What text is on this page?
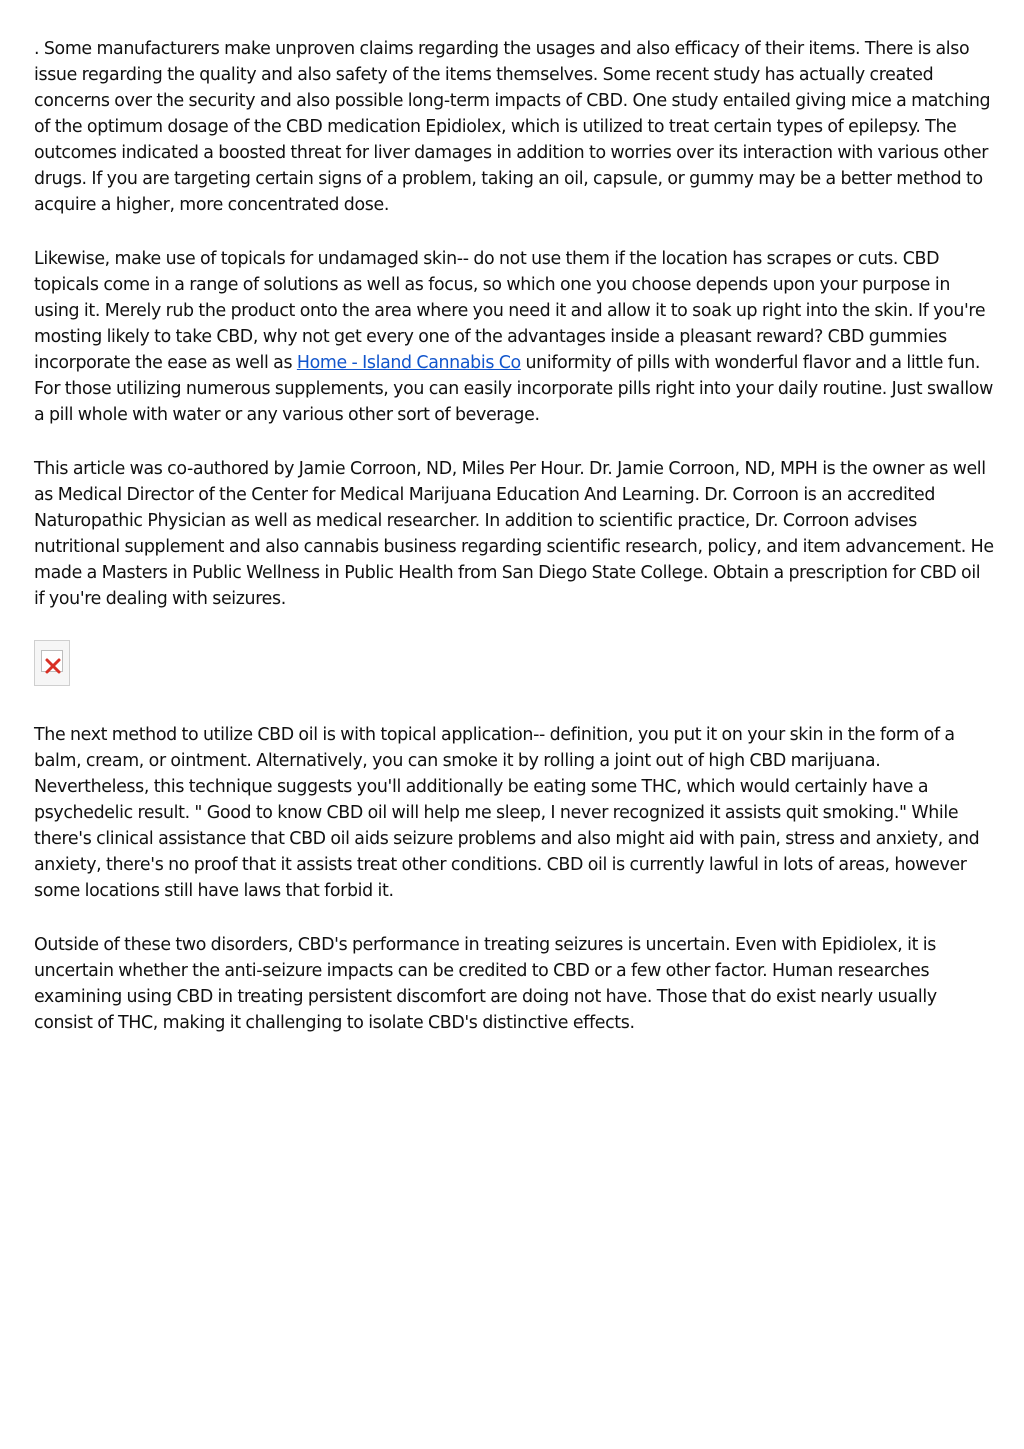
. Some manufacturers make unproven claims regarding the usages and also efficacy of their items. There is also issue regarding the quality and also safety of the items themselves. Some recent study has actually created concerns over the security and also possible long-term impacts of CBD. One study entailed giving mice a matching of the optimum dosage of the CBD medication Epidiolex, which is utilized to treat certain types of epilepsy. The outcomes indicated a boosted threat for liver damages in addition to worries over its interaction with various other drugs. If you are targeting certain signs of a problem, taking an oil, capsule, or gummy may be a better method to acquire a higher, more concentrated dose.

Likewise, make use of topicals for undamaged skin-- do not use them if the location has scrapes or cuts. CBD topicals come in a range of solutions as well as focus, so which one you choose depends upon your purpose in using it. Merely rub the product onto the area where you need it and allow it to soak up right into the skin. If you're mosting likely to take CBD, why not get every one of the advantages inside a pleasant reward? CBD gummies incorporate the ease as well as Home - Island Cannabis Co uniformity of pills with wonderful flavor and a little fun. For those utilizing numerous supplements, you can easily incorporate pills right into your daily routine. Just swallow a pill whole with water or any various other sort of beverage.

This article was co-authored by Jamie Corroon, ND, Miles Per Hour. Dr. Jamie Corroon, ND, MPH is the owner as well as Medical Director of the Center for Medical Marijuana Education And Learning. Dr. Corroon is an accredited Naturopathic Physician as well as medical researcher. In addition to scientific practice, Dr. Corroon advises nutritional supplement and also cannabis business regarding scientific research, policy, and item advancement. He made a Masters in Public Wellness in Public Health from San Diego State College. Obtain a prescription for CBD oil if you're dealing with seizures.

The next method to utilize CBD oil is with topical application-- definition, you put it on your skin in the form of a balm, cream, or ointment. Alternatively, you can smoke it by rolling a joint out of high CBD marijuana. Nevertheless, this technique suggests you'll additionally be eating some THC, which would certainly have a psychedelic result. " Good to know CBD oil will help me sleep, I never recognized it assists quit smoking." While there's clinical assistance that CBD oil aids seizure problems and also might aid with pain, stress and anxiety, and anxiety, there's no proof that it assists treat other conditions. CBD oil is currently lawful in lots of areas, however some locations still have laws that forbid it.

Outside of these two disorders, CBD's performance in treating seizures is uncertain. Even with Epidiolex, it is uncertain whether the anti-seizure impacts can be credited to CBD or a few other factor. Human researches examining using CBD in treating persistent discomfort are doing not have. Those that do exist nearly usually consist of THC, making it challenging to isolate CBD's distinctive effects.
